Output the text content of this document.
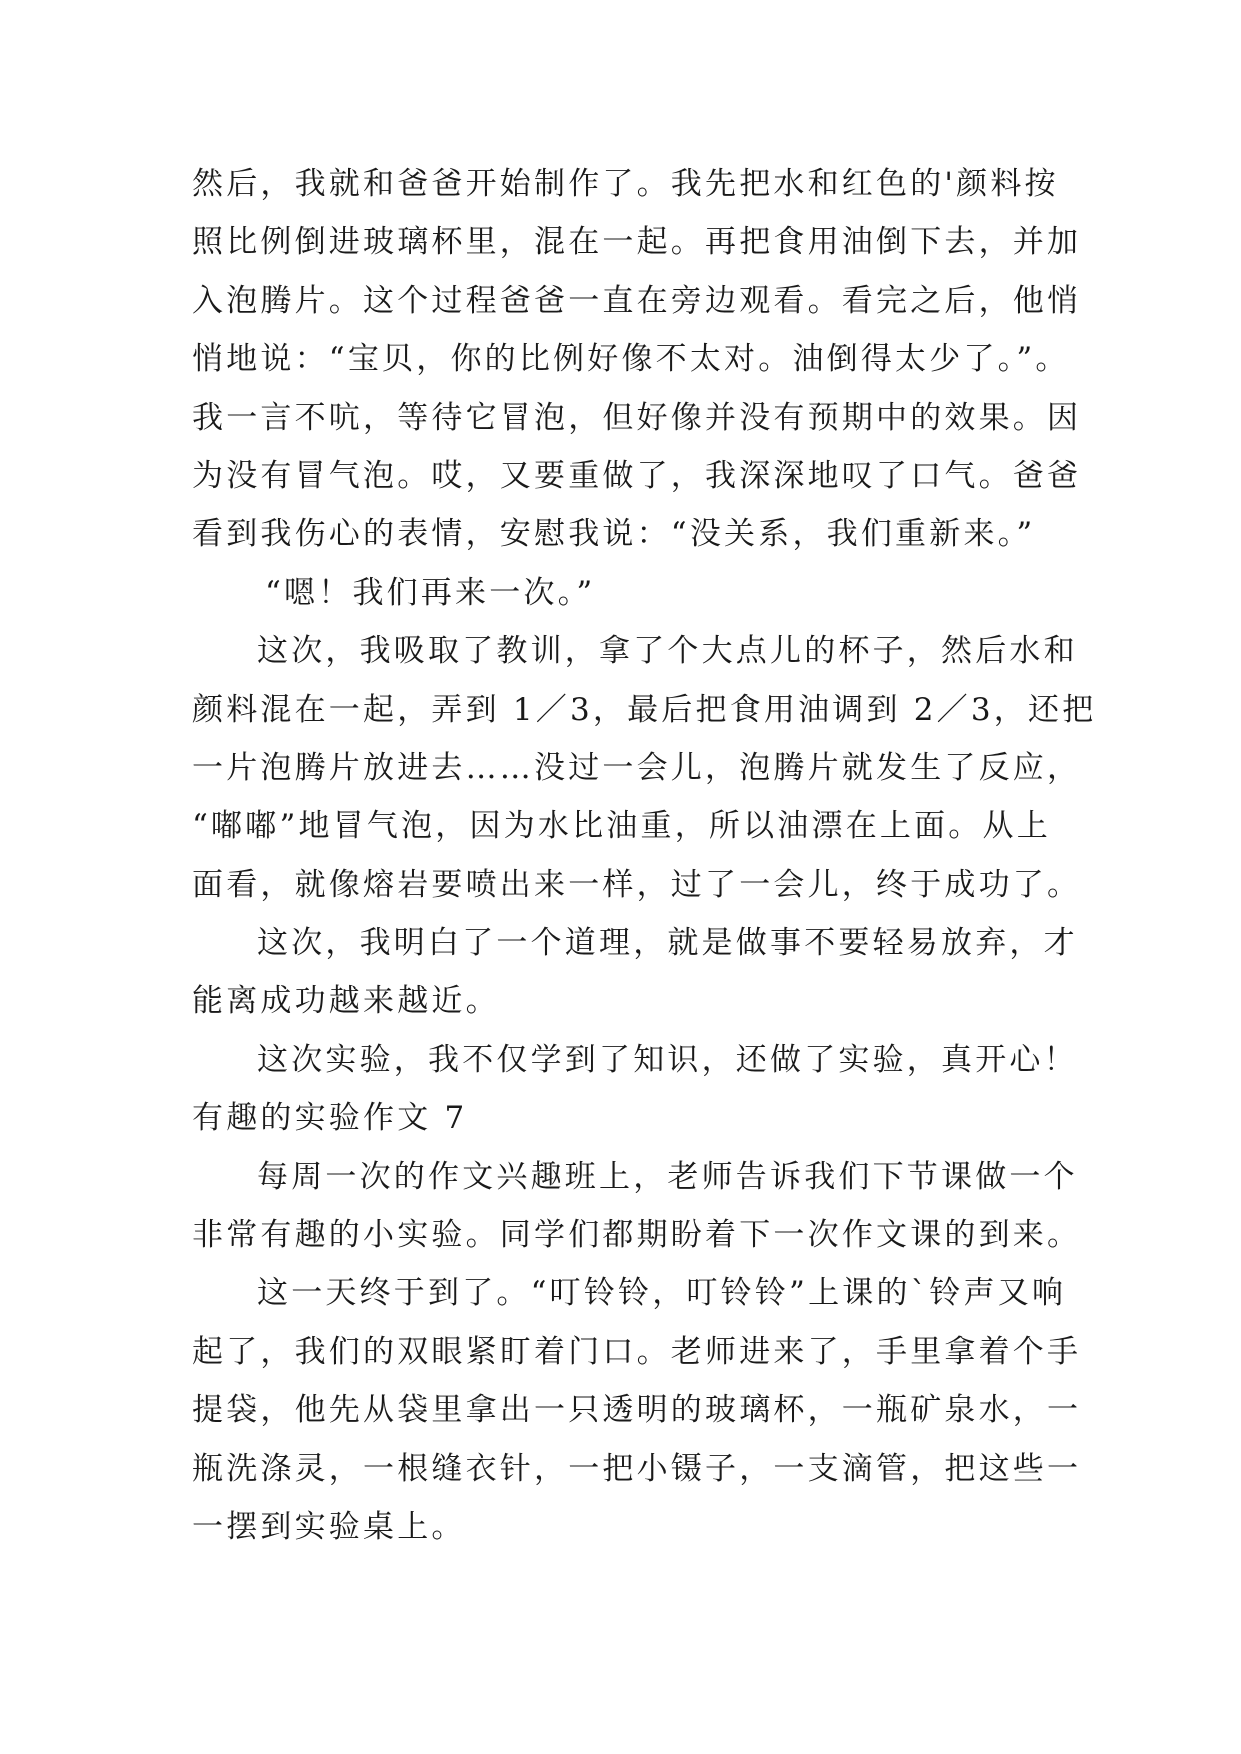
然后，我就和爸爸开始制作了。我先把水和红色的'颜料按
照比例倒进玻璃杯里，混在一起。再把食用油倒下去，并加
入泡腾片。这个过程爸爸一直在旁边观看。看完之后，他悄
悄地说：“宝贝，你的比例好像不太对。油倒得太少了。”。
我一言不吭，等待它冒泡，但好像并没有预期中的效果。因
为没有冒气泡。哎，又要重做了，我深深地叹了口气。爸爸
看到我伤心的表情，安慰我说：“没关系，我们重新来。”
“嗯！我们再来一次。”
这次，我吸取了教训，拿了个大点儿的杯子，然后水和
颜料混在一起，弄到 1／3，最后把食用油调到 2／3，还把
一片泡腾片放进去……没过一会儿，泡腾片就发生了反应，
“嘟嘟”地冒气泡，因为水比油重，所以油漂在上面。从上
面看，就像熔岩要喷出来一样，过了一会儿，终于成功了。
这次，我明白了一个道理，就是做事不要轻易放弃，才
能离成功越来越近。
这次实验，我不仅学到了知识，还做了实验，真开心！
有趣的实验作文 7
每周一次的作文兴趣班上，老师告诉我们下节课做一个
非常有趣的小实验。同学们都期盼着下一次作文课的到来。
这一天终于到了。“叮铃铃，叮铃铃”上课的`铃声又响
起了，我们的双眼紧盯着门口。老师进来了，手里拿着个手
提袋，他先从袋里拿出一只透明的玻璃杯，一瓶矿泉水，一
瓶洗涤灵，一根缝衣针，一把小镊子，一支滴管，把这些一
一摆到实验桌上。
